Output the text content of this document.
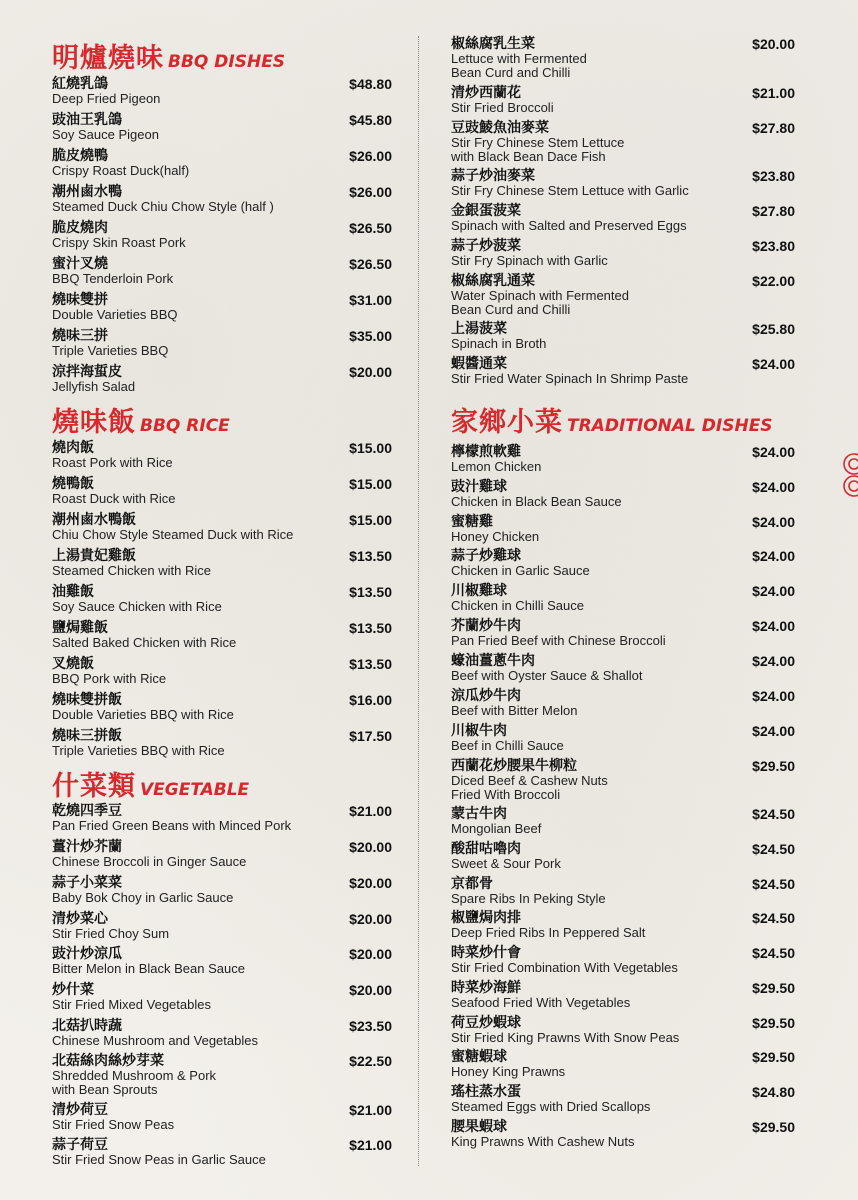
明爐燒味 BBQ DISHES
紅燒乳鴿
Deep Fried Pigeon
$48.80
豉油王乳鴿
Soy Sauce Pigeon
$45.80
脆皮燒鴨
Crispy Roast Duck(half)
$26.00
潮州鹵水鴨
Steamed Duck Chiu Chow Style (half )
$26.00
脆皮燒肉
Crispy Skin Roast Pork
$26.50
蜜汁叉燒
BBQ Tenderloin Pork
$26.50
燒味雙拼
Double Varieties BBQ
$31.00
燒味三拼
Triple Varieties BBQ
$35.00
涼拌海蜇皮
Jellyfish Salad
$20.00
燒味飯 BBQ RICE
燒肉飯
Roast Pork with Rice
$15.00
燒鴨飯
Roast Duck with Rice
$15.00
潮州鹵水鴨飯
Chiu Chow Style Steamed Duck with Rice
$15.00
上湯貴妃雞飯
Steamed Chicken with Rice
$13.50
油雞飯
Soy Sauce Chicken with Rice
$13.50
鹽焗雞飯
Salted Baked Chicken with Rice
$13.50
叉燒飯
BBQ Pork with Rice
$13.50
燒味雙拼飯
Double Varieties BBQ with Rice
$16.00
燒味三拼飯
Triple Varieties BBQ with Rice
$17.50
什菜類 VEGETABLE
乾燒四季豆
Pan Fried Green Beans with Minced Pork
$21.00
薑汁炒芥蘭
Chinese Broccoli in Ginger Sauce
$20.00
蒜子小菜菜
Baby Bok Choy in Garlic Sauce
$20.00
清炒菜心
Stir Fried Choy Sum
$20.00
豉汁炒涼瓜
Bitter Melon in Black Bean Sauce
$20.00
炒什菜
Stir Fried Mixed Vegetables
$20.00
北菇扒時蔬
Chinese Mushroom and Vegetables
$23.50
北菇絲肉絲炒芽菜
Shredded Mushroom & Pork
with Bean Sprouts
$22.50
清炒荷豆
Stir Fried Snow Peas
$21.00
蒜子荷豆
Stir Fried Snow Peas in Garlic Sauce
$21.00
椒絲腐乳生菜
Lettuce with Fermented
Bean Curd and Chilli
$20.00
清炒西蘭花
Stir Fried Broccoli
$21.00
豆豉鯪魚油麥菜
Stir Fry Chinese Stem Lettuce
with Black Bean Dace Fish
$27.80
蒜子炒油麥菜
Stir Fry Chinese Stem Lettuce with Garlic
$23.80
金銀蛋菠菜
Spinach with Salted and Preserved Eggs
$27.80
蒜子炒菠菜
Stir Fry Spinach with Garlic
$23.80
椒絲腐乳通菜
Water Spinach with Fermented
Bean Curd and Chilli
$22.00
上湯菠菜
Spinach in Broth
$25.80
蝦醬通菜
Stir Fried Water Spinach In Shrimp Paste
$24.00
家鄉小菜 TRADITIONAL DISHES
檸檬煎軟雞
Lemon Chicken
$24.00
豉汁雞球
Chicken in Black Bean Sauce
$24.00
蜜糖雞
Honey Chicken
$24.00
蒜子炒雞球
Chicken in Garlic Sauce
$24.00
川椒雞球
Chicken in Chilli Sauce
$24.00
芥蘭炒牛肉
Pan Fried Beef with Chinese Broccoli
$24.00
蠔油薑蔥牛肉
Beef with Oyster Sauce & Shallot
$24.00
涼瓜炒牛肉
Beef with Bitter Melon
$24.00
川椒牛肉
Beef in Chilli Sauce
$24.00
西蘭花炒腰果牛柳粒
Diced Beef & Cashew Nuts
Fried With Broccoli
$29.50
蒙古牛肉
Mongolian Beef
$24.50
酸甜咕嚕肉
Sweet & Sour Pork
$24.50
京都骨
Spare Ribs In Peking Style
$24.50
椒鹽焗肉排
Deep Fried Ribs In Peppered Salt
$24.50
時菜炒什會
Stir Fried Combination With Vegetables
$24.50
時菜炒海鮮
Seafood Fried With Vegetables
$29.50
荷豆炒蝦球
Stir Fried King Prawns With Snow Peas
$29.50
蜜糖蝦球
Honey King Prawns
$29.50
瑤柱蒸水蛋
Steamed Eggs with Dried Scallops
$24.80
腰果蝦球
King Prawns With Cashew Nuts
$29.50
